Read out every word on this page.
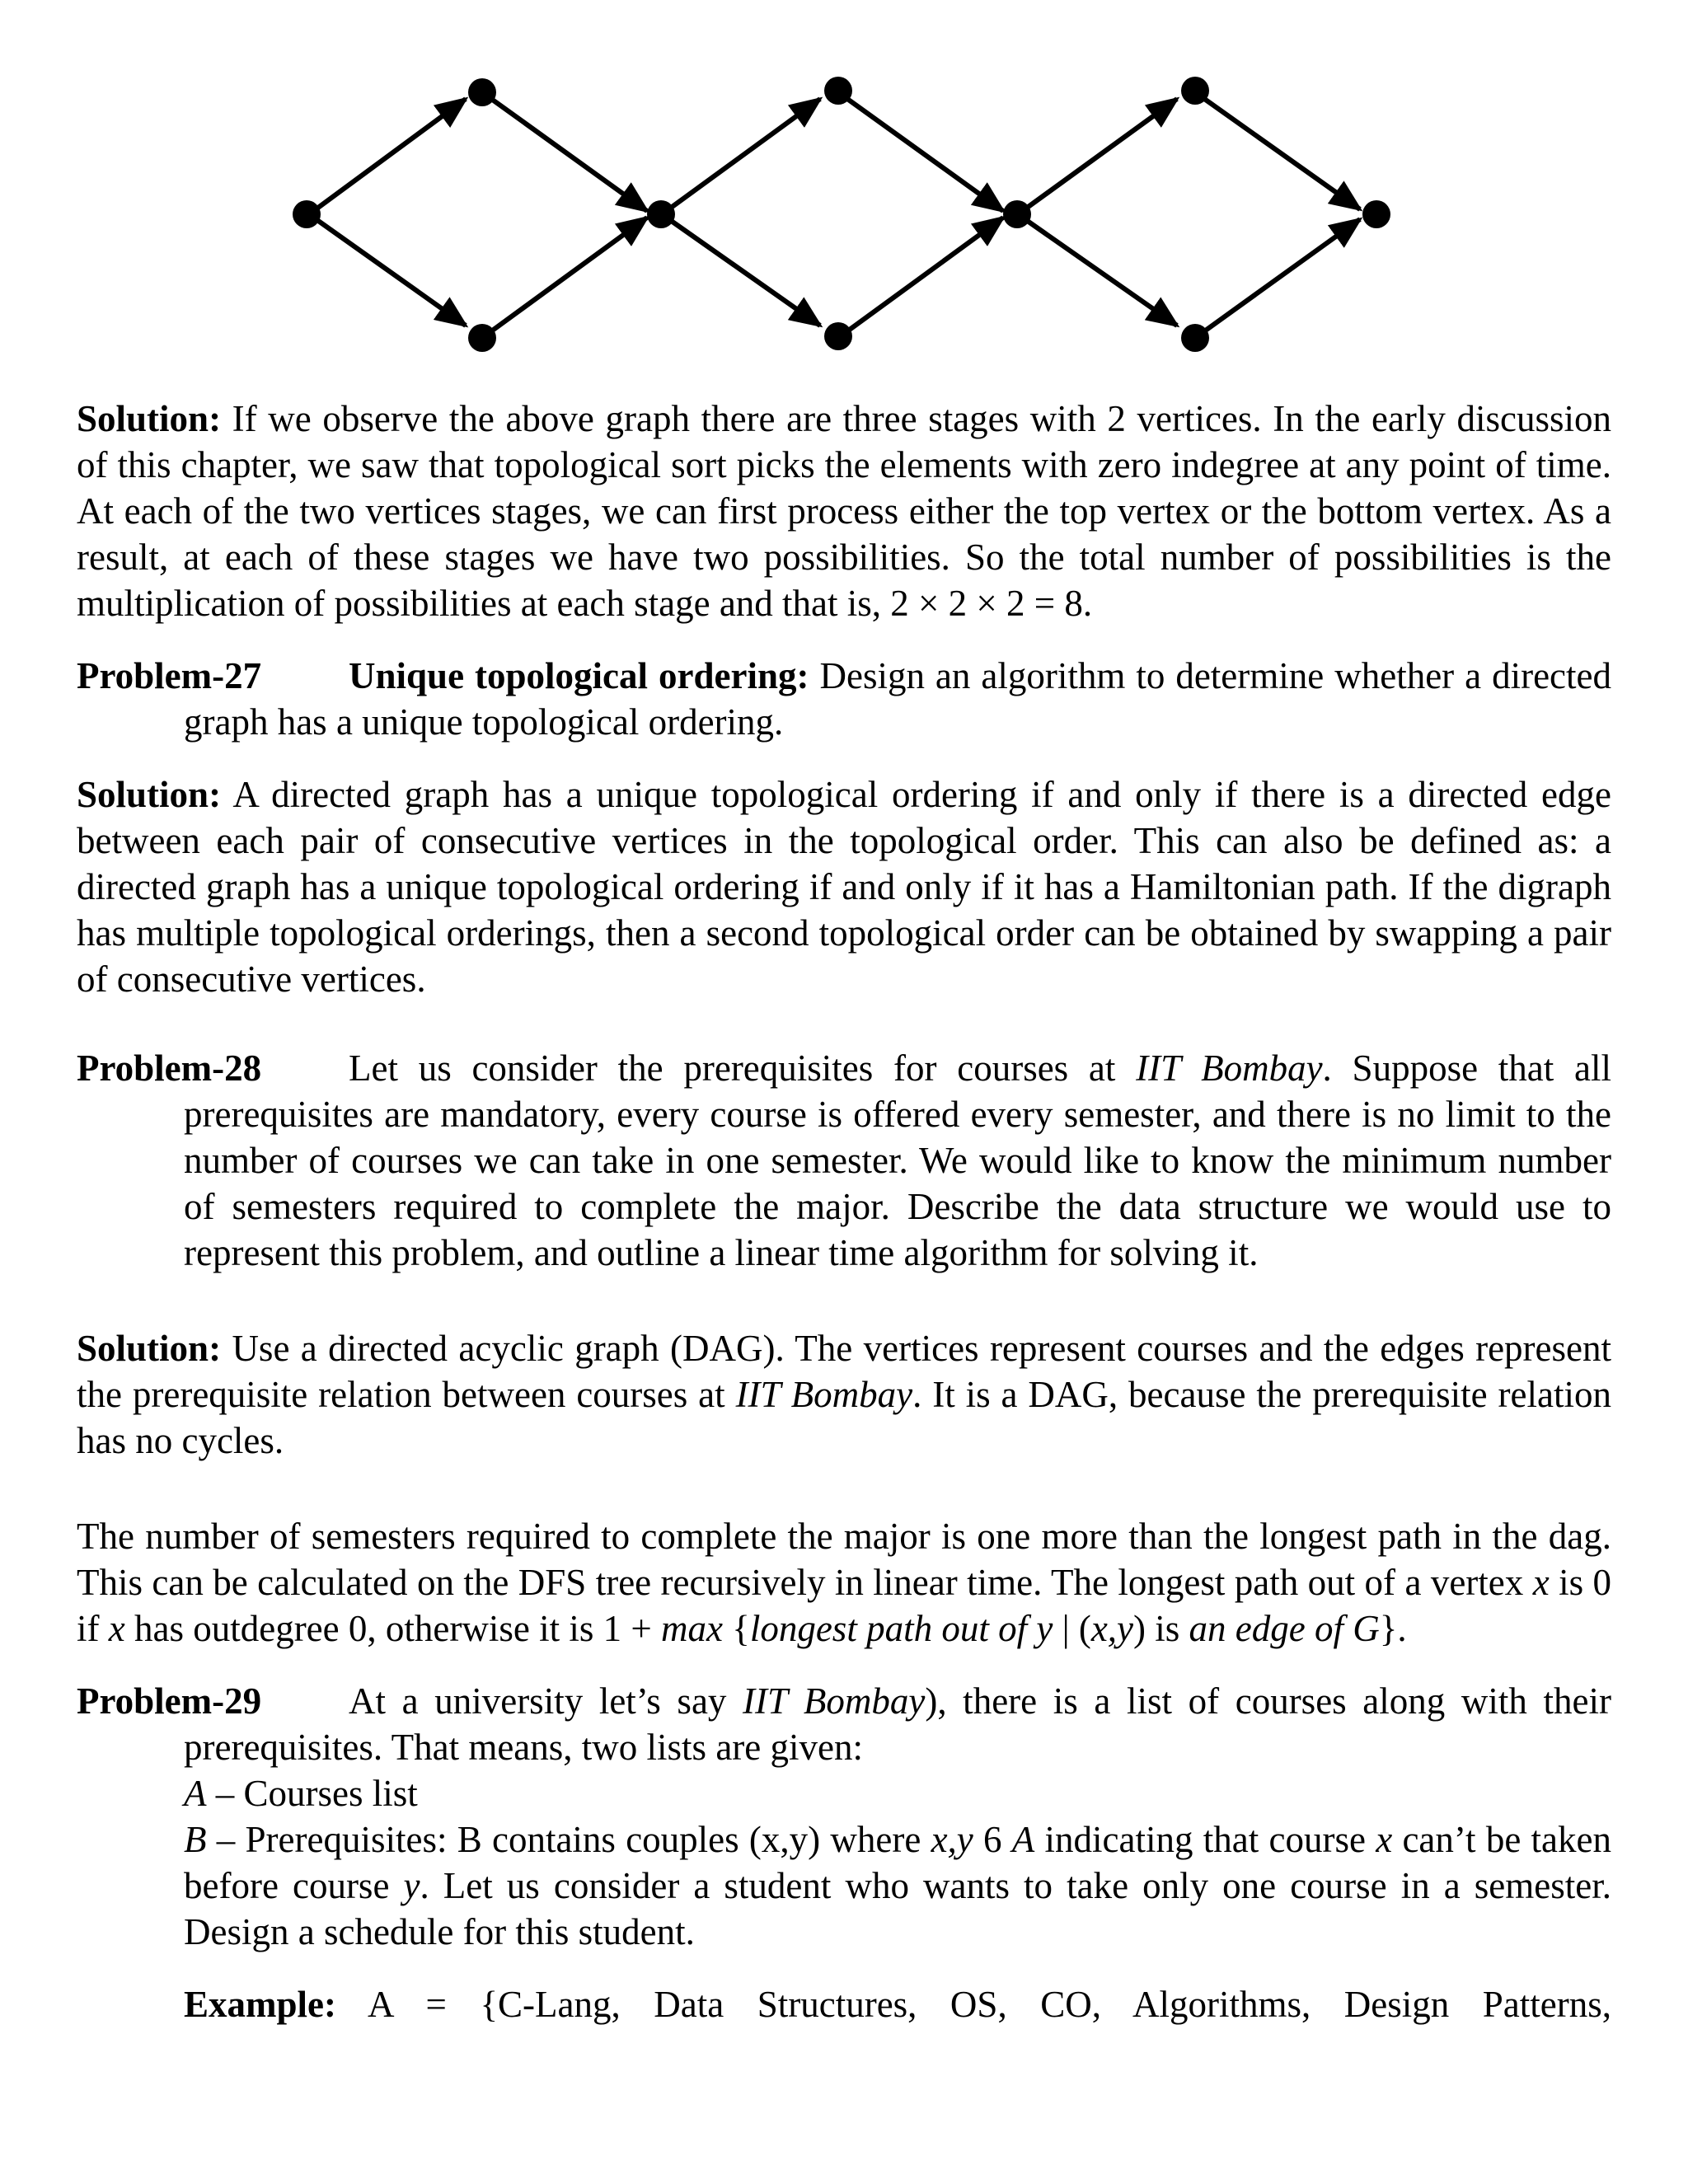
Solution: If we observe the above graph there are three stages with 2 vertices. In the early discussion of this chapter, we saw that topological sort picks the elements with zero indegree at any point of time. At each of the two vertices stages, we can first process either the top vertex or the bottom vertex. As a result, at each of these stages we have two possibilities. So the total number of possibilities is the multiplication of possibilities at each stage and that is, 2 × 2 × 2 = 8.

Problem-27 Unique topological ordering: Design an algorithm to determine whether a directed graph has a unique topological ordering.

Solution: A directed graph has a unique topological ordering if and only if there is a directed edge between each pair of consecutive vertices in the topological order. This can also be defined as: a directed graph has a unique topological ordering if and only if it has a Hamiltonian path. If the digraph has multiple topological orderings, then a second topological order can be obtained by swapping a pair of consecutive vertices.

Problem-28 Let us consider the prerequisites for courses at IIT Bombay. Suppose that all prerequisites are mandatory, every course is offered every semester, and there is no limit to the number of courses we can take in one semester. We would like to know the minimum number of semesters required to complete the major. Describe the data structure we would use to represent this problem, and outline a linear time algorithm for solving it.

Solution: Use a directed acyclic graph (DAG). The vertices represent courses and the edges represent the prerequisite relation between courses at IIT Bombay. It is a DAG, because the prerequisite relation has no cycles.

The number of semesters required to complete the major is one more than the longest path in the dag. This can be calculated on the DFS tree recursively in linear time. The longest path out of a vertex x is 0 if x has outdegree 0, otherwise it is 1 + max {longest path out of y | (x,y) is an edge of G}.

Problem-29 At a university let’s say IIT Bombay), there is a list of courses along with their prerequisites. That means, two lists are given:

A – Courses list
B – Prerequisites: B contains couples (x,y) where x,y 6 A indicating that course x can’t be taken before course y. Let us consider a student who wants to take only one course in a semester. Design a schedule for this student.
Example: A = {C-Lang, Data Structures, OS, CO, Algorithms, Design Patterns,
